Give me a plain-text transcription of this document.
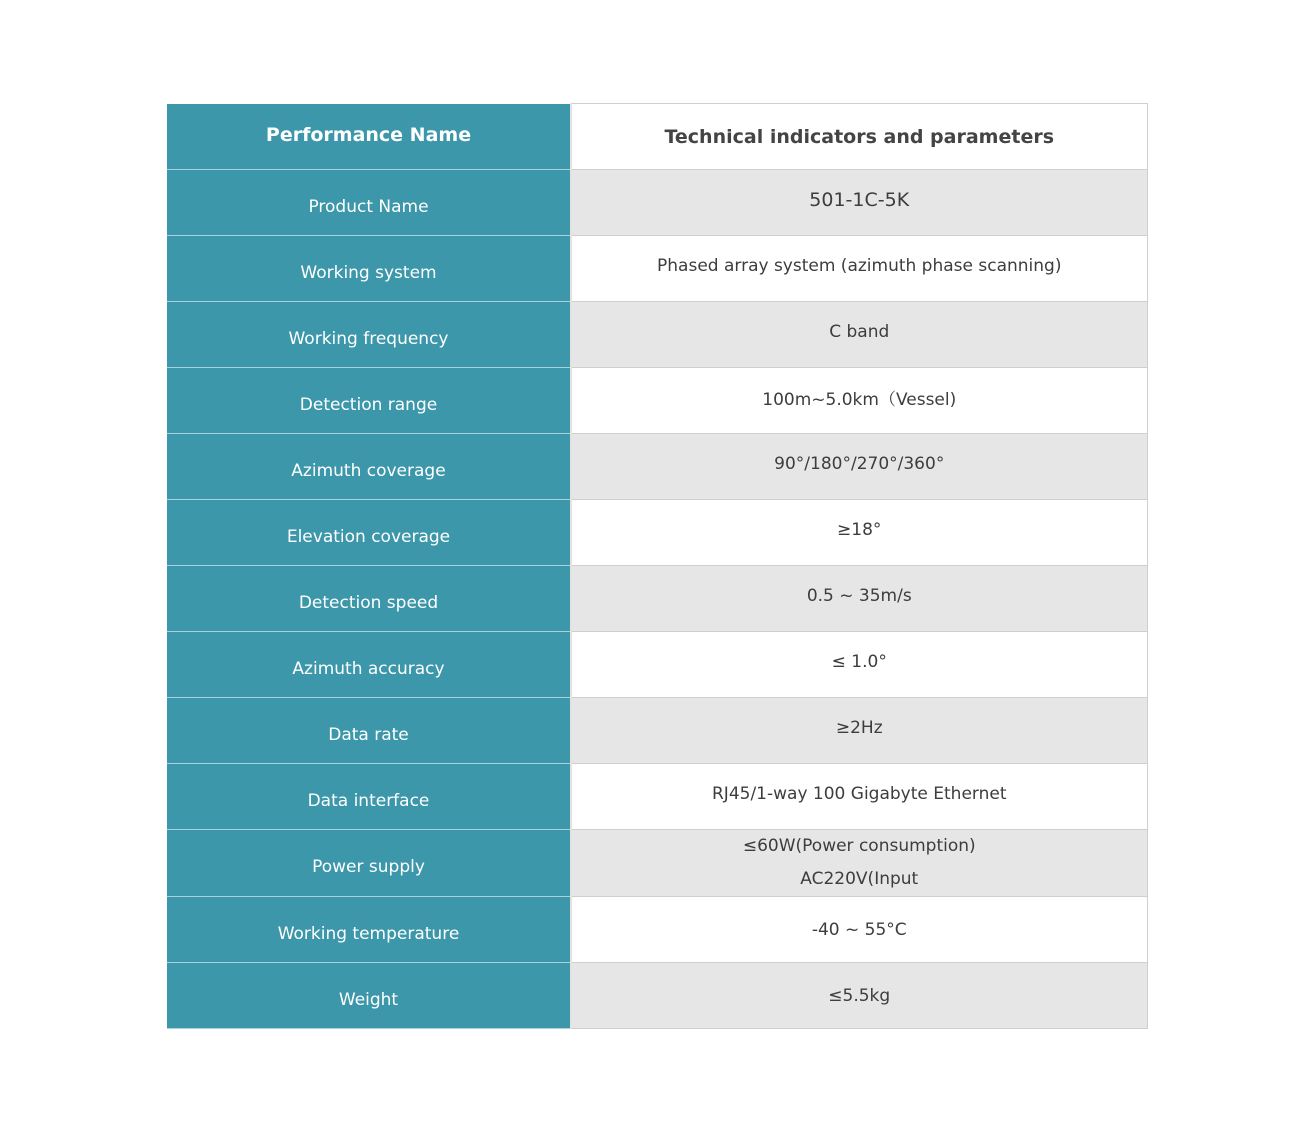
Performance Name	Technical indicators and parameters
Product Name	501-1C-5K
Working system	Phased array system (azimuth phase scanning)
Working frequency	C band
Detection range	100m~5.0km（Vessel)
Azimuth coverage	90°/180°/270°/360°
Elevation coverage	≥18°
Detection speed	0.5 ~ 35m/s
Azimuth accuracy	≤ 1.0°
Data rate	≥2Hz
Data interface	RJ45/1-way 100 Gigabyte Ethernet
Power supply	≤60W(Power consumption)
AC220V(Input

Working temperature	-40 ~ 55°C
Weight	≤5.5kg
